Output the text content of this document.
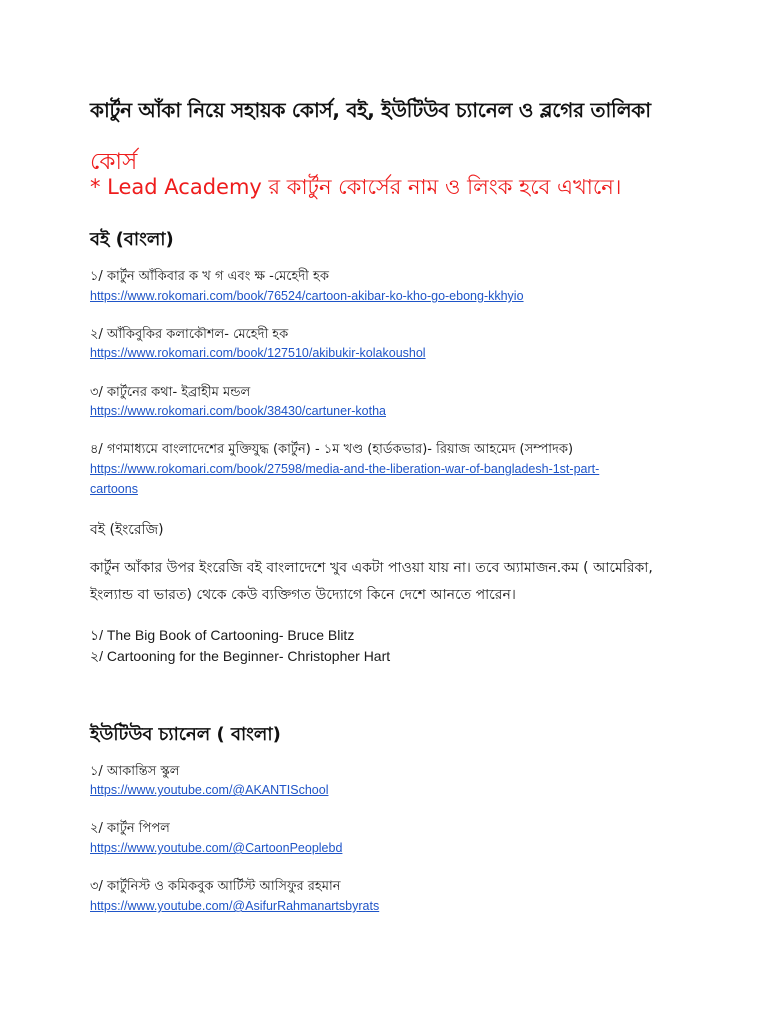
কার্টুন আঁকা নিয়ে সহায়ক কোর্স, বই, ইউটিউব চ্যানেল ও ব্লগের তালিকা
কোর্স
* Lead Academy র কার্টুন কোর্সের নাম ও লিংক হবে এখানে।
বই (বাংলা)
১/ কার্টুন আঁকিবার ক খ গ এবং ক্ষ -মেহেদী হক
https://www.rokomari.com/book/76524/cartoon-akibar-ko-kho-go-ebong-kkhyio
২/ আঁকিবুকির কলাকৌশল- মেহেদী হক
https://www.rokomari.com/book/127510/akibukir-kolakoushol
৩/ কার্টুনের কথা- ইব্রাহীম মন্ডল
https://www.rokomari.com/book/38430/cartuner-kotha
৪/ গণমাধ্যমে বাংলাদেশের মুক্তিযুদ্ধ (কার্টুন) - ১ম খণ্ড (হার্ডকভার)- রিয়াজ আহমেদ (সম্পাদক)
https://www.rokomari.com/book/27598/media-and-the-liberation-war-of-bangladesh-1st-part-
cartoons
বই (ইংরেজি)
কার্টুন আঁকার উপর ইংরেজি বই বাংলাদেশে খুব একটা পাওয়া যায় না। তবে অ্যামাজন.কম ( আমেরিকা, ইংল্যান্ড বা ভারত) থেকে কেউ ব্যক্তিগত উদ্যোগে কিনে দেশে আনতে পারেন।
১/ The Big Book of Cartooning- Bruce Blitz
২/ Cartooning for the Beginner- Christopher Hart
ইউটিউব চ্যানেল ( বাংলা)
১/ আকান্তিস স্কুল
https://www.youtube.com/@AKANTISchool
২/ কার্টুন পিপল
https://www.youtube.com/@CartoonPeoplebd
৩/ কার্টুনিস্ট ও কমিকবুক আর্টিস্ট আসিফুর রহমান
https://www.youtube.com/@AsifurRahmanartsbyrats
